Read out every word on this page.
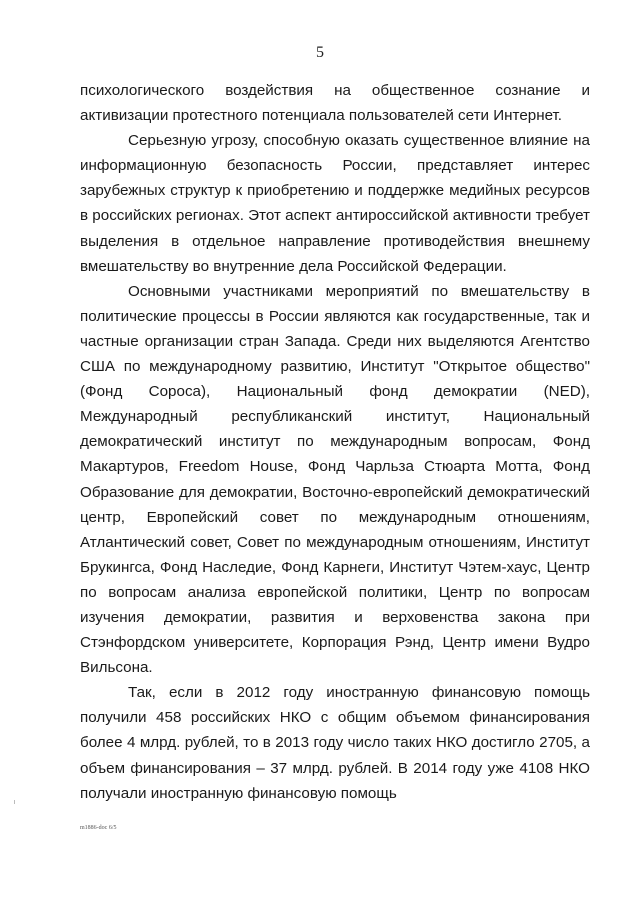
5

психологического воздействия на общественное сознание и активизации протестного потенциала пользователей сети Интернет.

Серьезную угрозу, способную оказать существенное влияние на информационную безопасность России, представляет интерес зарубежных структур к приобретению и поддержке медийных ресурсов в российских регионах. Этот аспект антироссийской активности требует выделения в отдельное направление противодействия внешнему вмешательству во внутренние дела Российской Федерации.

Основными участниками мероприятий по вмешательству в политические процессы в России являются как государственные, так и частные организации стран Запада. Среди них выделяются Агентство США по международному развитию, Институт "Открытое общество" (Фонд Сороса), Национальный фонд демократии (NED), Международный республиканский институт, Национальный демократический институт по международным вопросам, Фонд Макартуров, Freedom House, Фонд Чарльза Стюарта Мотта, Фонд Образование для демократии, Восточно-европейский демократический центр, Европейский совет по международным отношениям, Атлантический совет, Совет по международным отношениям, Институт Брукингса, Фонд Наследие, Фонд Карнеги, Институт Чэтем-хаус, Центр по вопросам анализа европейской политики, Центр по вопросам изучения демократии, развития и верховенства закона при Стэнфордском университете, Корпорация Рэнд, Центр имени Вудро Вильсона.

Так, если в 2012 году иностранную финансовую помощь получили 458 российских НКО с общим объемом финансирования более 4 млрд. рублей, то в 2013 году число таких НКО достигло 2705, а объем финансирования – 37 млрд. рублей. В 2014 году уже 4108 НКО получали иностранную финансовую помощь

m1886-doc 6/5
